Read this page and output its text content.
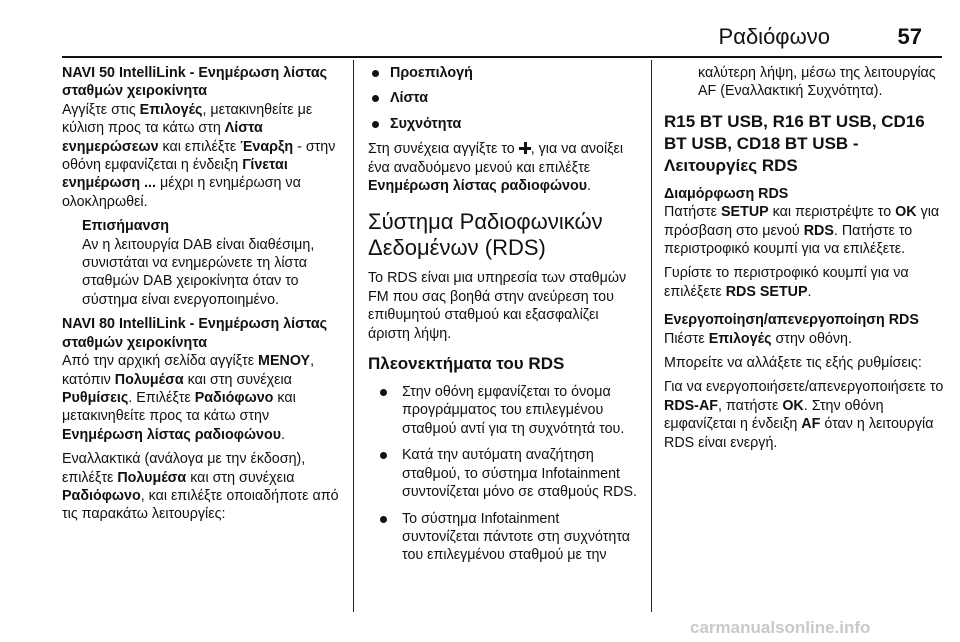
Ραδιόφωνο	57

NAVI 50 IntelliLink - Ενημέρωση λίστας σταθμών χειροκίνητα

Αγγίξτε στις Επιλογές, μετακινηθείτε με κύλιση προς τα κάτω στη Λίστα ενημερώσεων και επιλέξτε Έναρξη - στην οθόνη εμφανίζεται η ένδειξη Γίνεται ενημέρωση ... μέχρι η ενημέρωση να ολοκληρωθεί.

Επισήμανση
Αν η λειτουργία DAB είναι διαθέσιμη, συνιστάται να ενημερώνετε τη λίστα σταθμών DAB χειροκίνητα όταν το σύστημα είναι ενεργοποιημένο.

NAVI 80 IntelliLink - Ενημέρωση λίστας σταθμών χειροκίνητα

Από την αρχική σελίδα αγγίξτε ΜΕΝΟΥ, κατόπιν Πολυμέσα και στη συνέχεια Ρυθμίσεις. Επιλέξτε Ραδιόφωνο και μετακινηθείτε προς τα κάτω στην Ενημέρωση λίστας ραδιοφώνου.

Εναλλακτικά (ανάλογα με την έκδοση), επιλέξτε Πολυμέσα και στη συνέχεια Ραδιόφωνο, και επιλέξτε οποιαδήποτε από τις παρακάτω λειτουργίες:

Προεπιλογή
Λίστα
Συχνότητα

Στη συνέχεια αγγίξτε το , για να ανοίξει ένα αναδυόμενο μενού και επιλέξτε Ενημέρωση λίστας ραδιοφώνου.

Σύστημα Ραδιοφωνικών Δεδομένων (RDS)

Το RDS είναι μια υπηρεσία των σταθμών FM που σας βοηθά στην ανεύρεση του επιθυμητού σταθμού και εξασφαλίζει άριστη λήψη.

Πλεονεκτήματα του RDS
Στην οθόνη εμφανίζεται το όνομα προγράμματος του επιλεγμένου σταθμού αντί για τη συχνότητά του.
Κατά την αυτόματη αναζήτηση σταθμού, το σύστημα Infotainment συντονίζεται μόνο σε σταθμούς RDS.
Το σύστημα Infotainment συντονίζεται πάντοτε στη συχνότητα του επιλεγμένου σταθμού με την

καλύτερη λήψη, μέσω της λειτουργίας AF (Εναλλακτική Συχνότητα).

R15 BT USB, R16 BT USB, CD16 BT USB, CD18 BT USB - Λειτουργίες RDS

Διαμόρφωση RDS

Πατήστε SETUP και περιστρέψτε το OK για πρόσβαση στο μενού RDS. Πατήστε το περιστροφικό κουμπί για να επιλέξετε.

Γυρίστε το περιστροφικό κουμπί για να επιλέξετε RDS SETUP.

Ενεργοποίηση/απενεργοποίηση RDS

Πιέστε Επιλογές στην οθόνη.

Μπορείτε να αλλάξετε τις εξής ρυθμίσεις:

Για να ενεργοποιήσετε/απενεργοποιήσετε το RDS-AF, πατήστε OK. Στην οθόνη εμφανίζεται η ένδειξη AF όταν η λειτουργία RDS είναι ενεργή.

carmanualsonline.info
